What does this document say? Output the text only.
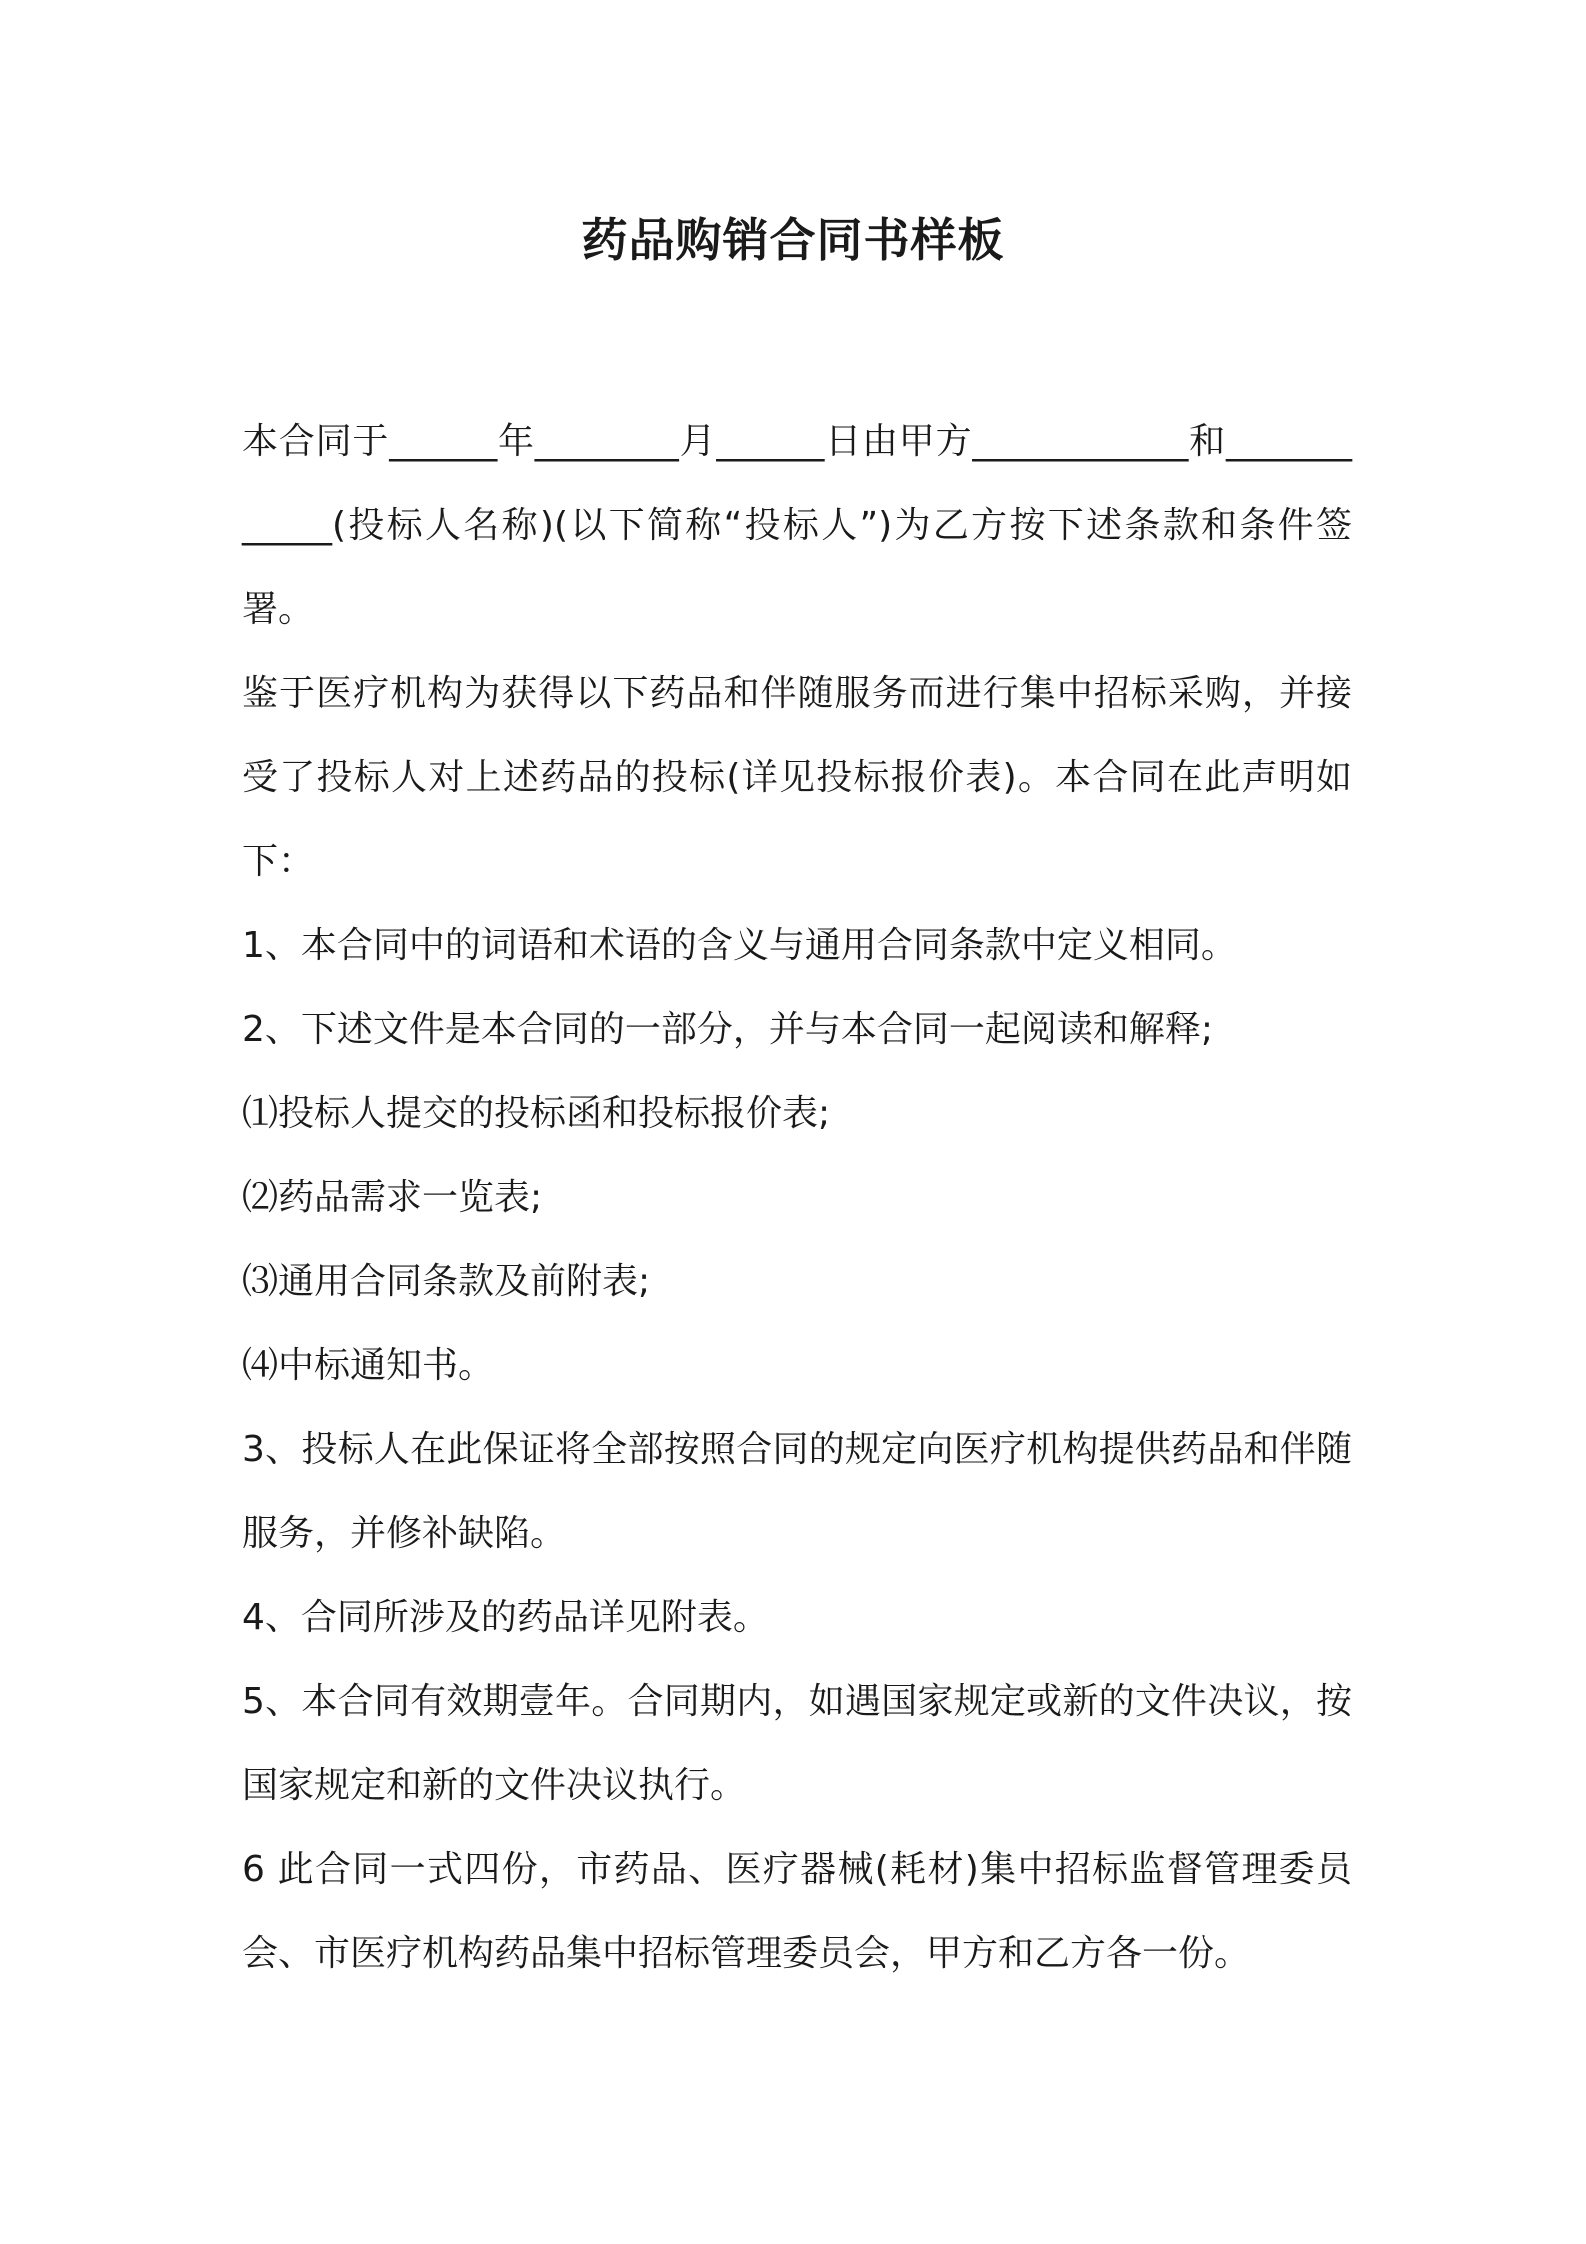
药品购销合同书样板

本合同于______年________月______日由甲方____________和____________(投标人名称)(以下简称“投标人”)为乙方按下述条款和条件签署。

鉴于医疗机构为获得以下药品和伴随服务而进行集中招标采购，并接受了投标人对上述药品的投标(详见投标报价表)。本合同在此声明如下：

1、本合同中的词语和术语的含义与通用合同条款中定义相同。

2、下述文件是本合同的一部分，并与本合同一起阅读和解释;

⑴投标人提交的投标函和投标报价表;

⑵药品需求一览表;

⑶通用合同条款及前附表;

⑷中标通知书。

3、投标人在此保证将全部按照合同的规定向医疗机构提供药品和伴随服务，并修补缺陷。

4、合同所涉及的药品详见附表。

5、本合同有效期壹年。合同期内，如遇国家规定或新的文件决议，按国家规定和新的文件决议执行。

6 此合同一式四份，市药品、医疗器械(耗材)集中招标监督管理委员会、市医疗机构药品集中招标管理委员会，甲方和乙方各一份。
